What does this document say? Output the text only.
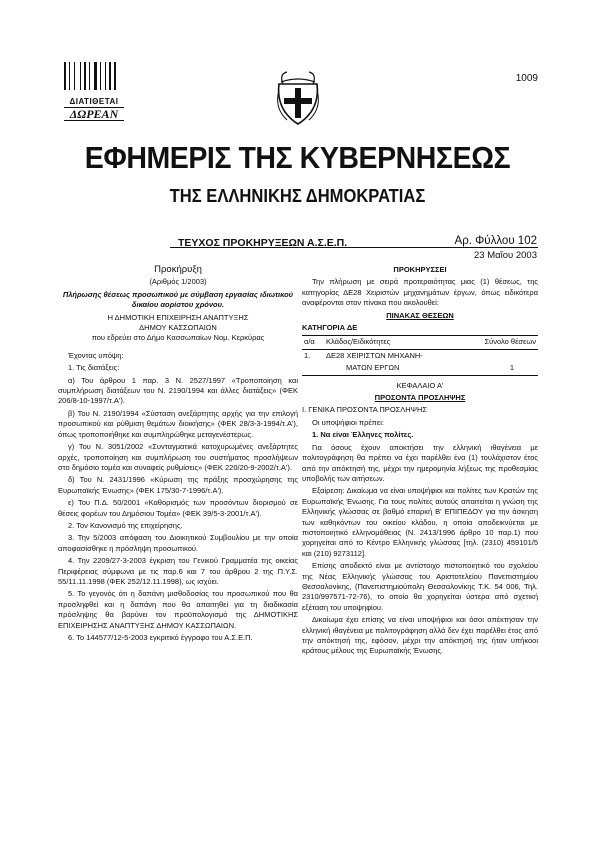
ΔΙΑΤΙΘΕΤΑΙ
ΔΩΡΕΑΝ
1009
ΕΦΗΜΕΡΙΣ ΤΗΣ ΚΥΒΕΡΝΗΣΕΩΣ
ΤΗΣ ΕΛΛΗΝΙΚΗΣ ΔΗΜΟΚΡΑΤΙΑΣ
ΤΕΥΧΟΣ ΠΡΟΚΗΡΥΞΕΩΝ Α.Σ.Ε.Π.	Αρ. Φύλλου 102
23 Μαΐου 2003

Προκήρυξη

(Αριθμός 1/2003)

Πλήρωσης θέσεως προσωπικού με σύμβαση εργασίας ιδιωτικού δικαίου αορίστου χρόνου.

Η ΔΗΜΟΤΙΚΗ ΕΠΙΧΕΙΡΗΣΗ ΑΝΑΠΤΥΞΗΣ

ΔΗΜΟΥ ΚΑΣΣΩΠΑΙΩΝ

που εδρεύει στο Δήμο Κασσωπαίων Νομ. Κερκύρας

Έχοντας υπόψη:

1. Τις διατάξεις:

α) Του άρθρου 1 παρ. 3 Ν. 2527/1997 «Τροποποίηση και συμπλήρωση διατάξεων του Ν. 2190/1994 και άλλες διατάξεις» (ΦΕΚ 206/8-10-1997/τ.Α').

β) Του Ν. 2190/1994 «Σύσταση ανεξάρτητης αρχής για την επιλογή προσωπικού και ρύθμιση θεμάτων διοικήσης» (ΦΕΚ 28/3-3-1994/τ.Α'), όπως τροποποιήθηκε και συμπληρώθηκε μεταγενέστερως.

γ) Του Ν. 3051/2002 «Συνταγματικά κατοχυρωμένες ανεξάρτητες αρχές, τροποποίηση και συμπλήρωση του συστήματος προσλήψεων στο δημόσιο τομέα και συναφείς ρυθμίσεις» (ΦΕΚ 220/20-9-2002/τ.Α').

δ) Του Ν. 2431/1996 «Κύρωση της πράξης προσχώρησης της Ευρωπαϊκής Ένωσης» (ΦΕΚ 175/30-7-1996/τ.Α').

ε) Του Π.Δ. 50/2001 «Καθορισμός των προσόντων διορισμού σε θέσεις φορέων του Δημόσιου Τομέα» (ΦΕΚ 39/5-3-2001/τ.Α').

2. Τον Κανονισμό της επιχείρησης.

3. Την 5/2003 απόφαση του Διοικητικού Συμβουλίου με την οποία αποφασίσθηκε η πρόσληψη προσωπικού.

4. Την 2209/27-3-2003 έγκριση του Γενικού Γραμματέα της οικείας Περιφέρειας σύμφωνα με τις παρ.6 και 7 του άρθρου 2 της Π.Υ.Σ. 55/11.11.1998 (ΦΕΚ 252/12.11.1998), ως ισχύει.

5. Το γεγονός ότι η δαπάνη μισθοδοσίας του προσωπικού που θα προσληφθεί και η δαπάνη που θα απαιτηθεί για τη διαδικασία πρόσληψης θα βαρύνει τον προϋπολογισμό της ΔΗΜΟΤΙΚΗΣ ΕΠΙΧΕΙΡΗΣΗΣ ΑΝΑΠΤΥΞΗΣ ΔΗΜΟΥ ΚΑΣΣΩΠΑΙΩΝ.

6. Το 144577/12-5-2003 εγκριτικό έγγραφο του Α.Σ.Ε.Π.

ΠΡΟΚΗΡΥΣΣΕΙ

Την πλήρωση με σειρά προτεραιότητας μιας (1) θέσεως, της κατηγορίας ΔΕ28 Χειριστών μηχανημάτων έργων, όπως ειδικότερα αναφέρονται στον πίνακα που ακολουθεί:

ΠΙΝΑΚΑΣ ΘΕΣΕΩΝ

ΚΑΤΗΓΟΡΙΑ ΔΕ

α/α	Κλάδος/Ειδικότητες	Σύνολο θέσεων
1.	ΔΕ28 ΧΕΙΡΙΣΤΩΝ ΜΗΧΑΝΗ-	

	ΜΑΤΩΝ ΕΡΓΩΝ	1

ΚΕΦΑΛΑΙΟ Α'

ΠΡΟΣΟΝΤΑ ΠΡΟΣΛΗΨΗΣ

Ι. ΓΕΝΙΚΑ ΠΡΟΣΟΝΤΑ ΠΡΟΣΛΗΨΗΣ

Οι υποψήφιοι πρέπει:

1. Να είναι Έλληνες πολίτες.

Για όσους έχουν αποκτήσει την ελληνική ιθαγένεια με πολιτογράφηση θα πρέπει να έχει παρέλθει ένα (1) τουλάχιστον έτος από την απόκτησή της, μέχρι την ημερομηνία λήξεως της προθεσμίας υποβολής των αιτήσεων.

Εξαίρεση: Δικαίωμα να είναι υποψήφιοι και πολίτες των Κρατών της Ευρωπαϊκής Ένωσης. Για τους πολίτες αυτούς απαιτείται η γνώση της Ελληνικής γλώσσας σε βαθμό επαρκή Β' ΕΠΙΠΕΔΟΥ για την άσκηση των καθηκόντων του οικείου κλάδου, η οποία αποδεικνύεται με πιστοποιητικό ελληνομάθειας (Ν. 2413/1996 άρθρο 10 παρ.1) που χορηγείται από το Κέντρο Ελληνικής γλώσσας [τηλ. (2310) 459101/5 και (210) 9273112].

Επίσης αποδεκτό είναι με αντίστοιχο πιστοποιητικό του σχολείου της Νέας Ελληνικής γλώσσας του Αριστοτελείου Πανεπιστημίου Θεσσαλονίκης, (Πανεπιστημιούπολη Θεσσαλονίκης Τ.Κ. 54 006, Τηλ. 2310/997571-72-76), το οποίο θα χορηγείται ύστερα από σχετική εξέταση του υποψηφίου.

Δικαίωμα έχει επίσης να είναι υποψήφιοι και όσοι απέκτησαν την ελληνική ιθαγένεια με πολιτογράφηση αλλά δεν έχει παρέλθει έτος από την απόκτησή της, εφόσον, μέχρι την απόκτησή της ήταν υπήκοοι κράτους μέλους της Ευρωπαϊκής Ένωσης.
